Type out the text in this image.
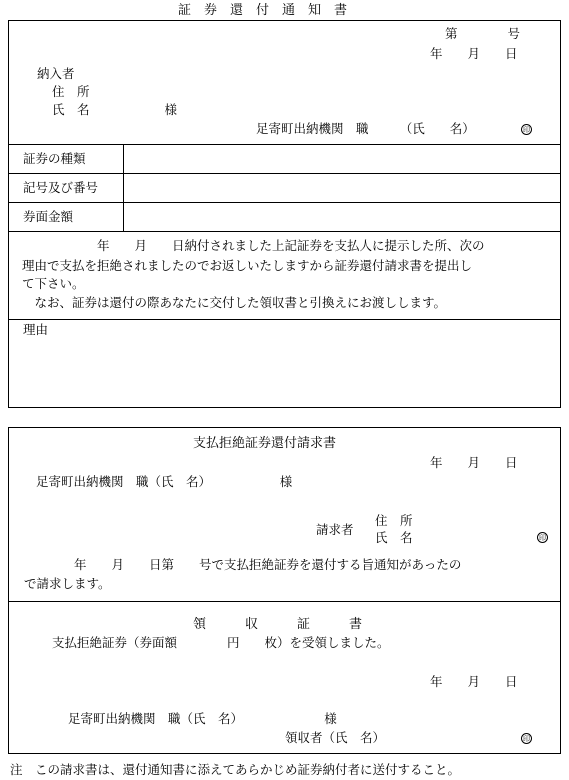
証　券　還　付　通　知　書
第　　　　号
年　　月　　日
納入者
住　所
氏　名　　　　　　様
足寄町出納機関　職　　　（氏　　名）	印
証券の種類
記号及び番号
券面金額
　　　　　　年　　月　　日納付されました上記証券を支払人に提示した所、次の
理由で支払を拒絶されましたのでお返しいたしますから証券還付請求書を提出し
て下さい。
　なお、証券は還付の際あなたに交付した領収書と引換えにお渡しします。
理由
支払拒絶証券還付請求書
年　　月　　日
足寄町出納機関　職（氏　名）　　　　　　様
請求者
住　所
氏　名	印
　　　　年　　月　　日第　　号で支払拒絶証券を還付する旨通知があったの
で請求します。
領　　　収　　　証　　　書
支払拒絶証券（券面額　　　　円　　枚）を受領しました。
年　　月　　日
足寄町出納機関　職（氏　名）　　　　　　　様
領収者（氏　名）	印
注　この請求書は、還付通知書に添えてあらかじめ証券納付者に送付すること。
